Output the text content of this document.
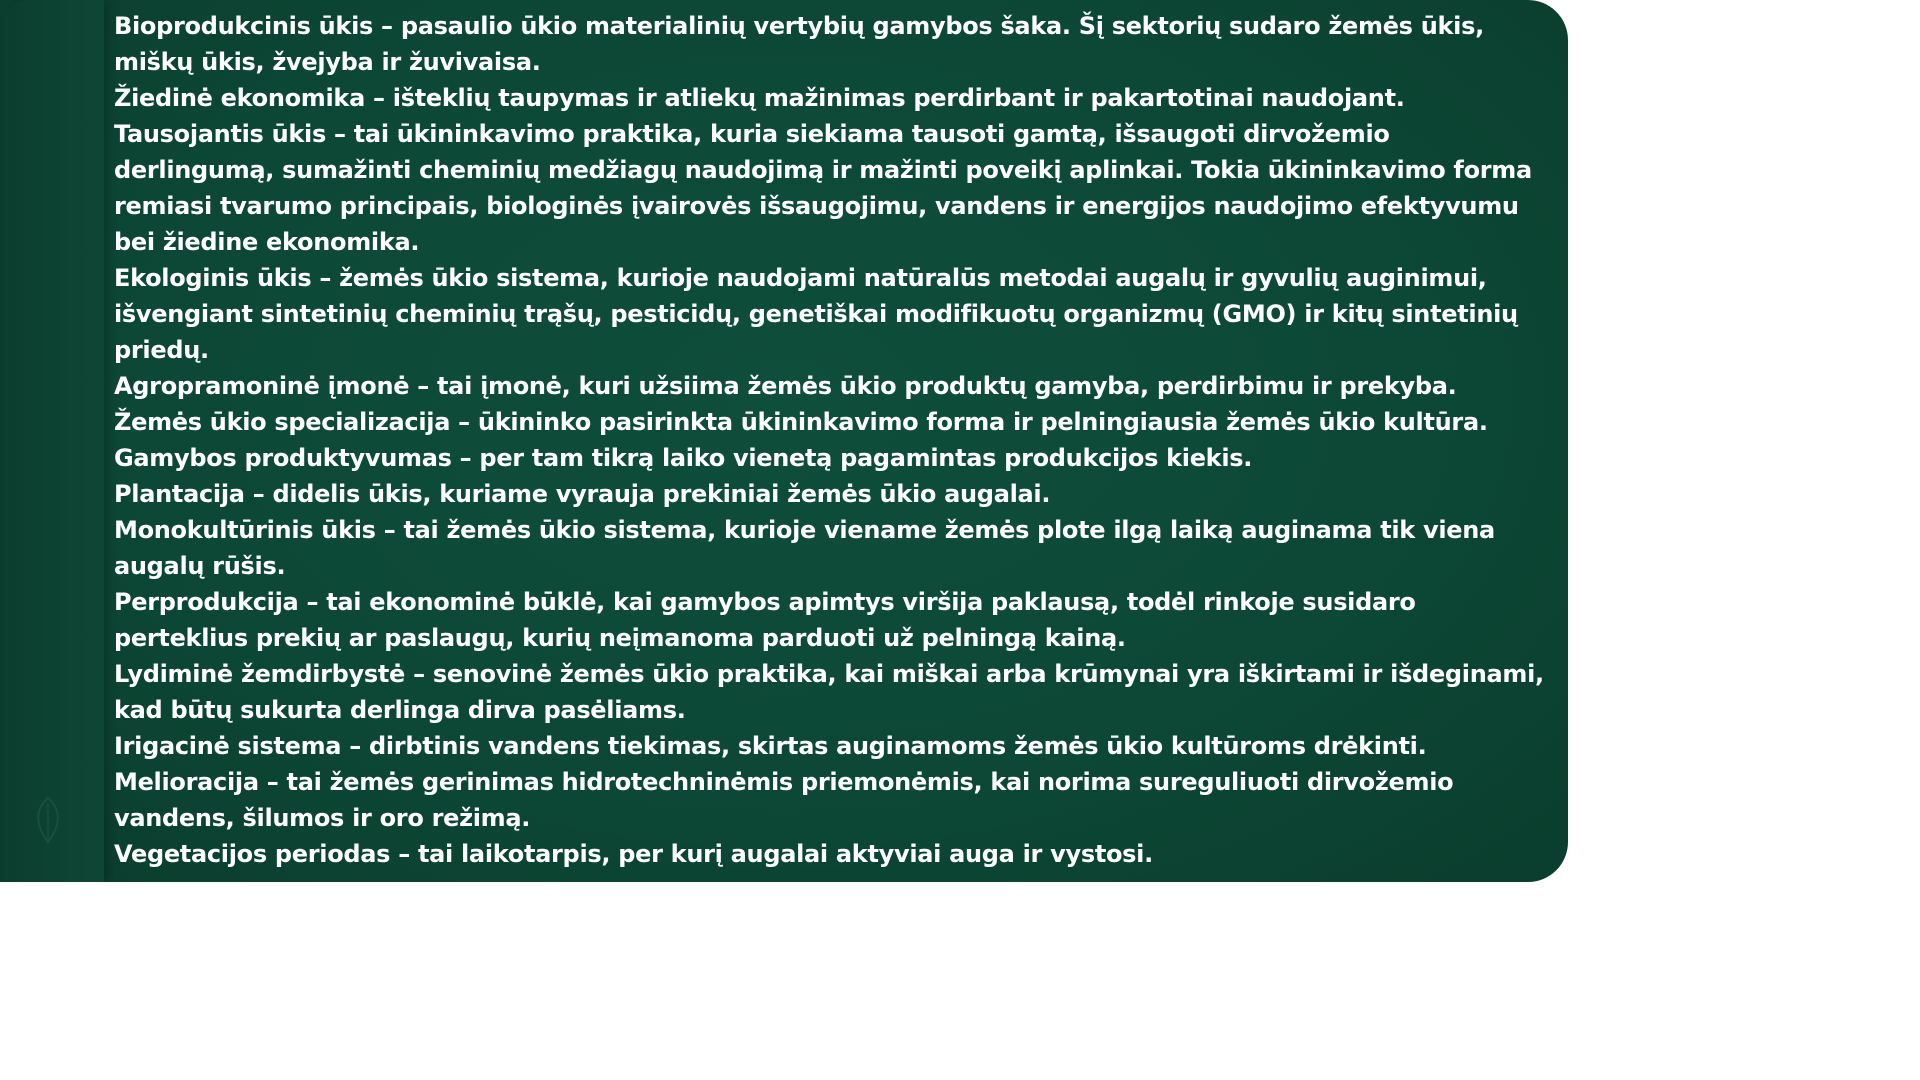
Bioprodukcinis ūkis – pasaulio ūkio materialinių vertybių gamybos šaka. Šį sektorių sudaro žemės ūkis, miškų ūkis, žvejyba ir žuvivaisa.

Žiedinė ekonomika – išteklių taupymas ir atliekų mažinimas perdirbant ir pakartotinai naudojant.

Tausojantis ūkis – tai ūkininkavimo praktika, kuria siekiama tausoti gamtą, išsaugoti dirvožemio derlingumą, sumažinti cheminių medžiagų naudojimą ir mažinti poveikį aplinkai. Tokia ūkininkavimo forma remiasi tvarumo principais, biologinės įvairovės išsaugojimu, vandens ir energijos naudojimo efektyvumu bei žiedine ekonomika.

Ekologinis ūkis – žemės ūkio sistema, kurioje naudojami natūralūs metodai augalų ir gyvulių auginimui, išvengiant sintetinių cheminių trąšų, pesticidų, genetiškai modifikuotų organizmų (GMO) ir kitų sintetinių priedų.

Agropramoninė įmonė – tai įmonė, kuri užsiima žemės ūkio produktų gamyba, perdirbimu ir prekyba.

Žemės ūkio specializacija – ūkininko pasirinkta ūkininkavimo forma ir pelningiausia žemės ūkio kultūra.

Gamybos produktyvumas – per tam tikrą laiko vienetą pagamintas produkcijos kiekis.

Plantacija – didelis ūkis, kuriame vyrauja prekiniai žemės ūkio augalai.

Monokultūrinis ūkis – tai žemės ūkio sistema, kurioje viename žemės plote ilgą laiką auginama tik viena augalų rūšis.

Perprodukcija – tai ekonominė būklė, kai gamybos apimtys viršija paklausą, todėl rinkoje susidaro perteklius prekių ar paslaugų, kurių neįmanoma parduoti už pelningą kainą.

Lydiminė žemdirbystė – senovinė žemės ūkio praktika, kai miškai arba krūmynai yra iškirtami ir išdeginami, kad būtų sukurta derlinga dirva pasėliams.

Irigacinė sistema – dirbtinis vandens tiekimas, skirtas auginamoms žemės ūkio kultūroms drėkinti.

Melioracija – tai žemės gerinimas hidrotechninėmis priemonėmis, kai norima sureguliuoti dirvožemio vandens, šilumos ir oro režimą.

Vegetacijos periodas – tai laikotarpis, per kurį augalai aktyviai auga ir vystosi.
